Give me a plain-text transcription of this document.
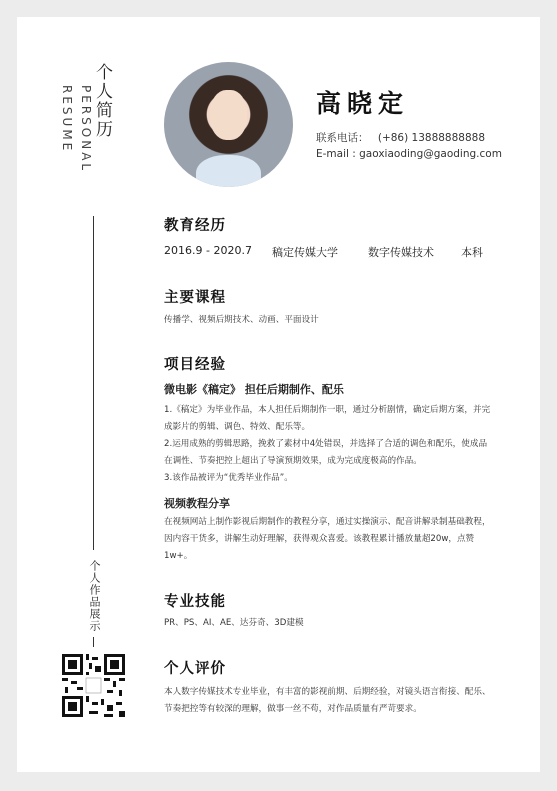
个人简历
PERSONAL
RESUME
个人作品展示
高晓定
联系电话： (+86) 13888888888
E-mail : gaoxiaoding@gaoding.com
教育经历
2016.9 - 2020.7 稿定传媒大学	数字传媒技术 本科
主要课程
传播学、视频后期技术、动画、平面设计
项目经验
微电影《稿定》 担任后期制作、配乐
1.《稿定》为毕业作品，本人担任后期制作一职，通过分析剧情，确定后期方案，并完成影片的剪辑、调色、特效、配乐等。
2.运用成熟的剪辑思路，挽救了素材中4处错误，并选择了合适的调色和配乐，使成品在调性、节奏把控上超出了导演预期效果，成为完成度极高的作品。
3.该作品被评为“优秀毕业作品”。
视频教程分享
在视频网站上制作影视后期制作的教程分享，通过实操演示、配音讲解录制基础教程，因内容干货多，讲解生动好理解，获得观众喜爱。该教程累计播放量超20w，点赞1w+。
专业技能
PR、PS、AI、AE、达芬奇、3D建模
个人评价
本人数字传媒技术专业毕业，有丰富的影视前期、后期经验，对镜头语言衔接、配乐、节奏把控等有较深的理解，做事一丝不苟，对作品质量有严苛要求。
